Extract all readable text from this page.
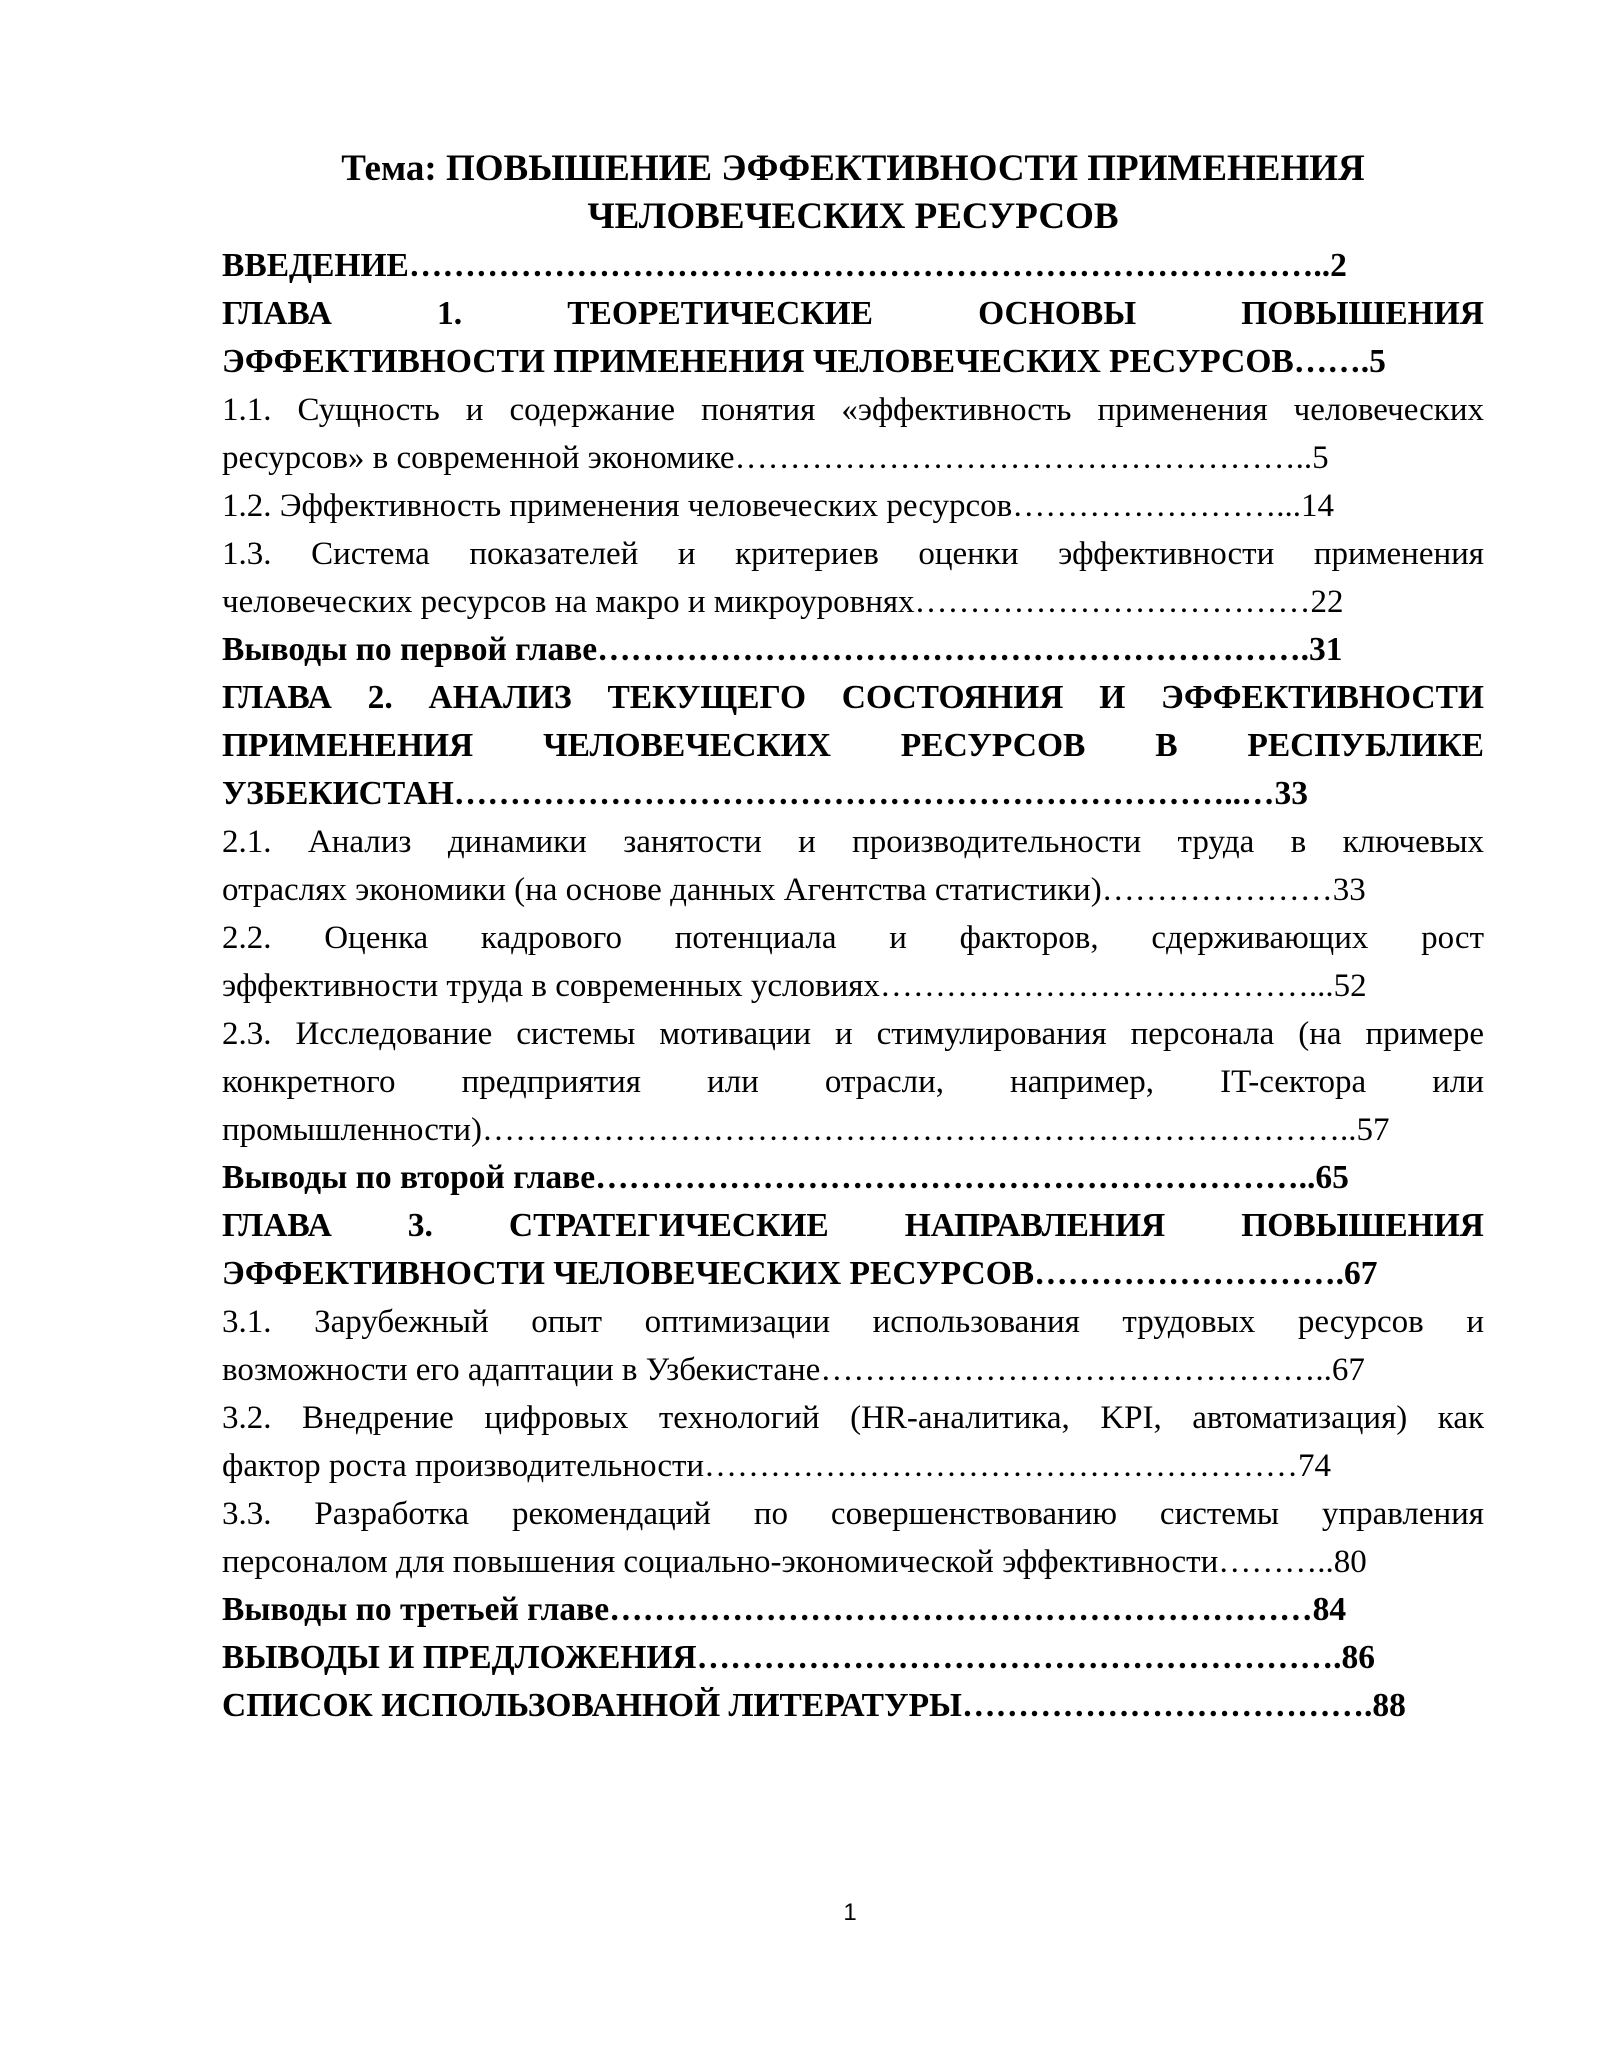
Тема: ПОВЫШЕНИЕ ЭФФЕКТИВНОСТИ ПРИМЕНЕНИЯ
ЧЕЛОВЕЧЕСКИХ РЕСУРСОВ
ВВЕДЕНИЕ………………………………………………………………………..2
ГЛАВА 1. ТЕОРЕТИЧЕСКИЕ ОСНОВЫ ПОВЫШЕНИЯ
ЭФФЕКТИВНОСТИ ПРИМЕНЕНИЯ ЧЕЛОВЕЧЕСКИХ РЕСУРСОВ…….5
1.1. Сущность и содержание понятия «эффективность применения человеческих
ресурсов» в современной экономике……………………………………………..5
1.2. Эффективность применения человеческих ресурсов……………………...14
1.3. Система показателей и критериев оценки эффективности применения
человеческих ресурсов на макро и микроуровнях………………………………22
Выводы по первой главе……………………………………………………….31
ГЛАВА 2. АНАЛИЗ ТЕКУЩЕГО СОСТОЯНИЯ И ЭФФЕКТИВНОСТИ
ПРИМЕНЕНИЯ ЧЕЛОВЕЧЕСКИХ РЕСУРСОВ В РЕСПУБЛИКЕ
УЗБЕКИСТАН……………………………………………………………..…33
2.1. Анализ динамики занятости и производительности труда в ключевых
отраслях экономики (на основе данных Агентства статистики)…………………33
2.2. Оценка кадрового потенциала и факторов, сдерживающих рост
эффективности труда в современных условиях…………………………………...52
2.3. Исследование системы мотивации и стимулирования персонала (на примере
конкретного предприятия или отрасли, например, IT-сектора или
промышленности)……………………………………………………………………..57
Выводы по второй главе………………………………………………………..65
ГЛАВА 3. СТРАТЕГИЧЕСКИЕ НАПРАВЛЕНИЯ ПОВЫШЕНИЯ
ЭФФЕКТИВНОСТИ ЧЕЛОВЕЧЕСКИХ РЕСУРСОВ……………………….67
3.1. Зарубежный опыт оптимизации использования трудовых ресурсов и
возможности его адаптации в Узбекистане………………………………………..67
3.2. Внедрение цифровых технологий (HR-аналитика, KPI, автоматизация) как
фактор роста производительности………………………………………………74
3.3. Разработка рекомендаций по совершенствованию системы управления
персоналом для повышения социально-экономической эффективности………..80
Выводы по третьей главе………………………………………………………84
ВЫВОДЫ И ПРЕДЛОЖЕНИЯ………………………………………………….86
СПИСОК ИСПОЛЬЗОВАННОЙ ЛИТЕРАТУРЫ……………………………….88
1
